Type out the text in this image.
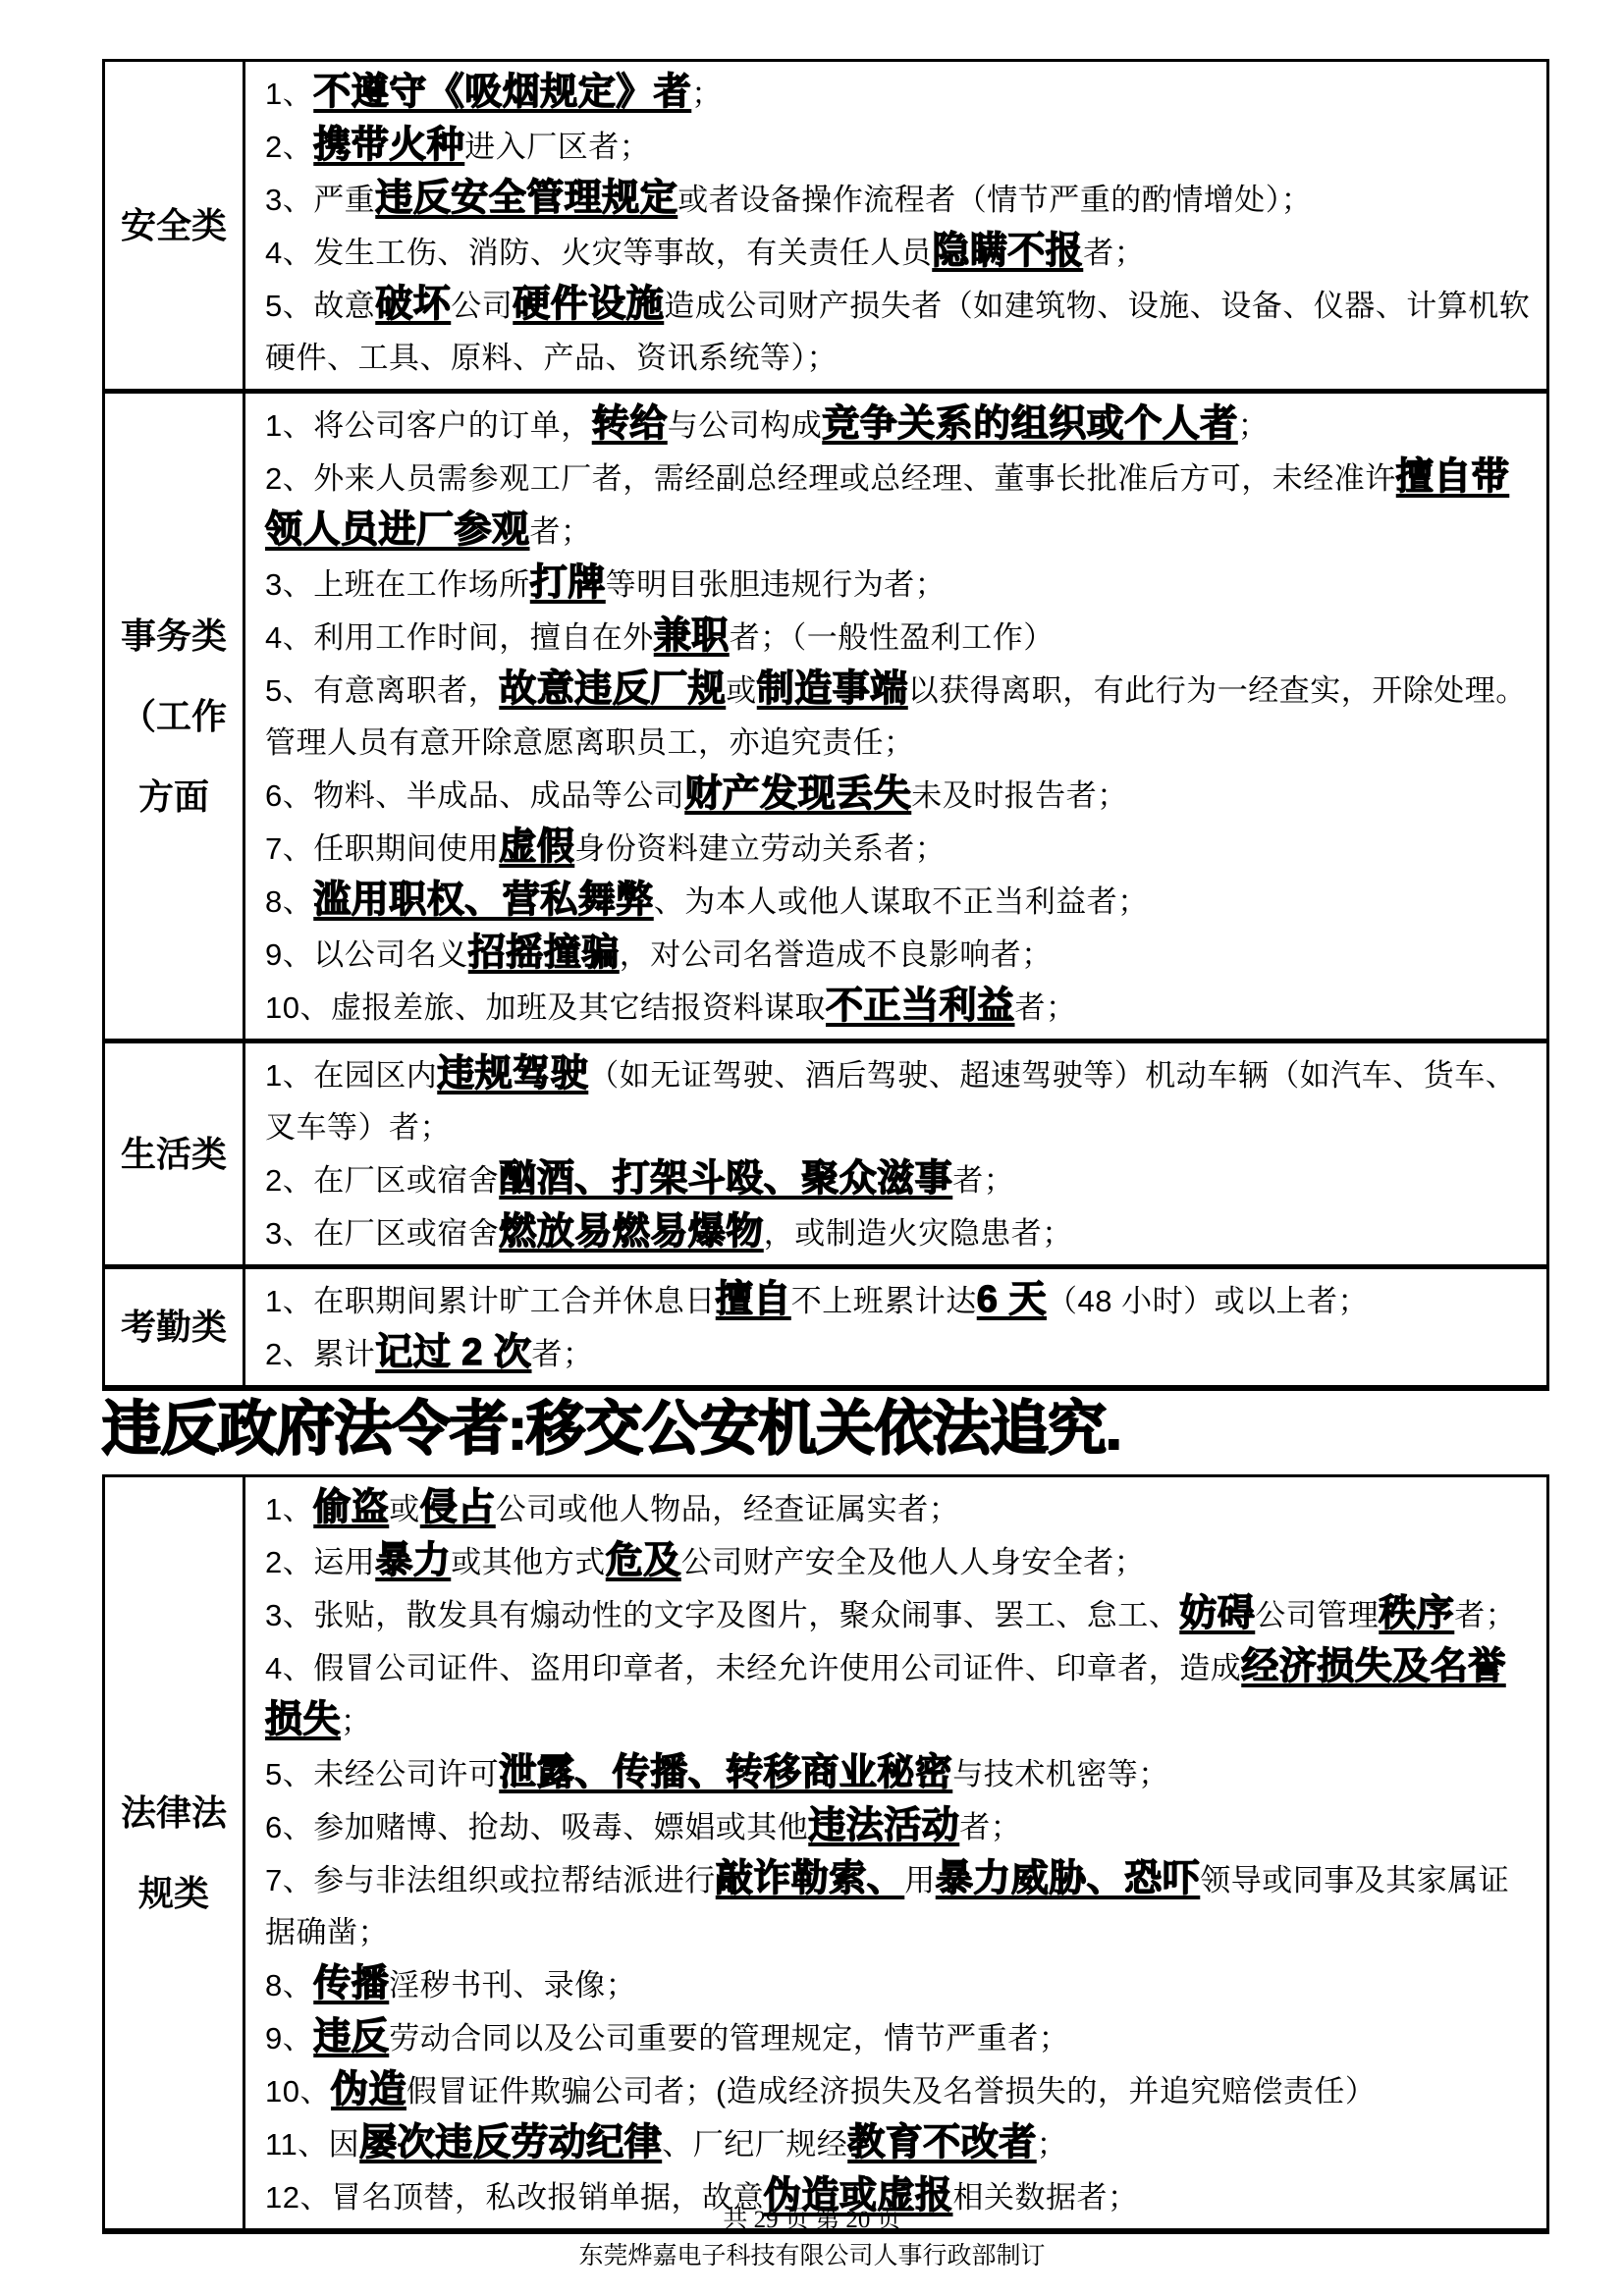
安全类
1、不遵守《吸烟规定》者；
2、携带火种进入厂区者；
3、严重违反安全管理规定或者设备操作流程者（情节严重的酌情增处）；
4、发生工伤、消防、火灾等事故，有关责任人员隐瞒不报者；
5、故意破坏公司硬件设施造成公司财产损失者（如建筑物、设施、设备、仪器、计算机软硬件、工具、原料、产品、资讯系统等）；
事务类
（工作
方面
1、将公司客户的订单，转给与公司构成竞争关系的组织或个人者；
2、外来人员需参观工厂者，需经副总经理或总经理、董事长批准后方可，未经准许擅自带领人员进厂参观者；
3、上班在工作场所打牌等明目张胆违规行为者；
4、利用工作时间，擅自在外兼职者；（一般性盈利工作）
5、有意离职者，故意违反厂规或制造事端以获得离职，有此行为一经查实，开除处理。管理人员有意开除意愿离职员工，亦追究责任；
6、物料、半成品、成品等公司财产发现丢失未及时报告者；
7、任职期间使用虚假身份资料建立劳动关系者；
8、滥用职权、营私舞弊、为本人或他人谋取不正当利益者；
9、以公司名义招摇撞骗，对公司名誉造成不良影响者；
10、虚报差旅、加班及其它结报资料谋取不正当利益者；
生活类
1、在园区内违规驾驶（如无证驾驶、酒后驾驶、超速驾驶等）机动车辆（如汽车、货车、叉车等）者；
2、在厂区或宿舍酗酒、打架斗殴、聚众滋事者；
3、在厂区或宿舍燃放易燃易爆物，或制造火灾隐患者；
考勤类
1、在职期间累计旷工合并休息日擅自不上班累计达6 天（48 小时）或以上者；
2、累计记过 2 次者；
违反政府法令者:移交公安机关依法追究.
法律法
规类
1、偷盗或侵占公司或他人物品，经查证属实者；
2、运用暴力或其他方式危及公司财产安全及他人人身安全者；
3、张贴，散发具有煽动性的文字及图片，聚众闹事、罢工、怠工、妨碍公司管理秩序者；
4、假冒公司证件、盗用印章者，未经允许使用公司证件、印章者，造成经济损失及名誉损失；
5、未经公司许可泄露、传播、转移商业秘密与技术机密等；
6、参加赌博、抢劫、吸毒、嫖娼或其他违法活动者；
7、参与非法组织或拉帮结派进行敲诈勒索、用暴力威胁、恐吓领导或同事及其家属证据确凿；
8、传播淫秽书刊、录像；
9、违反劳动合同以及公司重要的管理规定，情节严重者；
10、伪造假冒证件欺骗公司者；(造成经济损失及名誉损失的，并追究赔偿责任）
11、因屡次违反劳动纪律、厂纪厂规经教育不改者；
12、冒名顶替，私改报销单据，故意伪造或虚报相关数据者；
共 29 页 第 20 页
东莞烨嘉电子科技有限公司人事行政部制订
